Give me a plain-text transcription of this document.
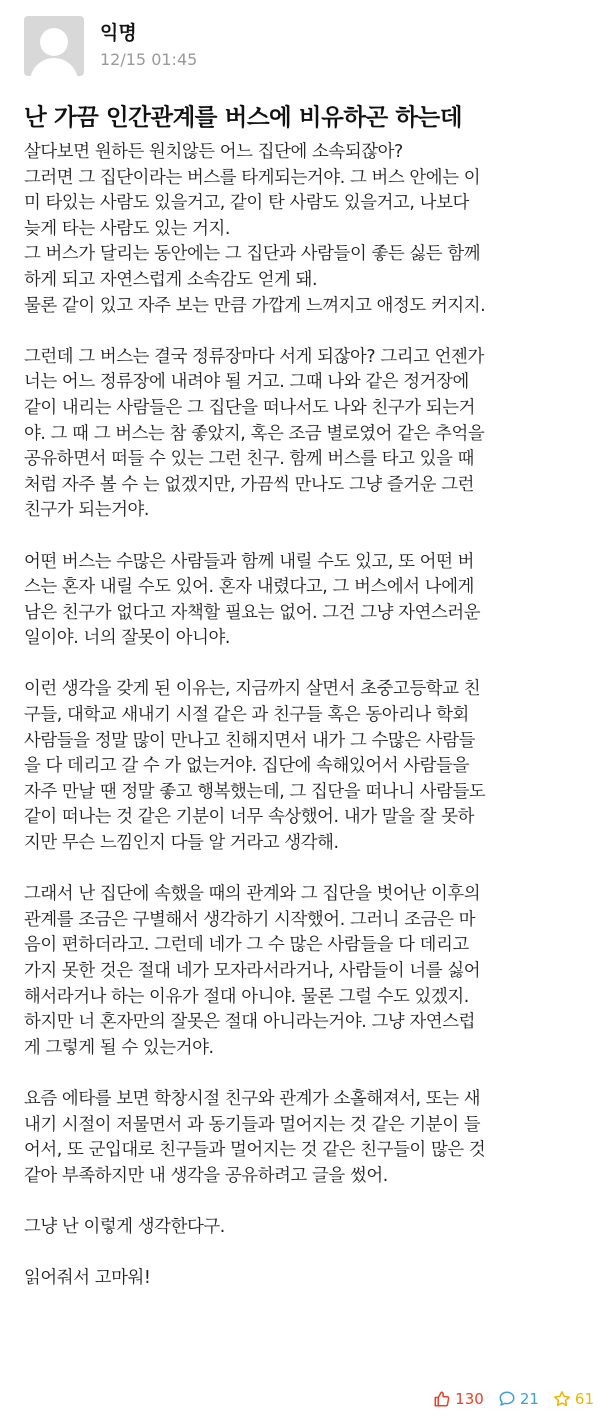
익명
12/15 01:45
난 가끔 인간관계를 버스에 비유하곤 하는데
살다보면 원하든 원치않든 어느 집단에 소속되잖아?
그러면 그 집단이라는 버스를 타게되는거야. 그 버스 안에는 이
미 타있는 사람도 있을거고, 같이 탄 사람도 있을거고, 나보다
늦게 타는 사람도 있는 거지.
그 버스가 달리는 동안에는 그 집단과 사람들이 좋든 싫든 함께
하게 되고 자연스럽게 소속감도 얻게 돼.
물론 같이 있고 자주 보는 만큼 가깝게 느껴지고 애정도 커지지.
그런데 그 버스는 결국 정류장마다 서게 되잖아? 그리고 언젠가
너는 어느 정류장에 내려야 될 거고. 그때 나와 같은 정거장에
같이 내리는 사람들은 그 집단을 떠나서도 나와 친구가 되는거
야. 그 때 그 버스는 참 좋았지, 혹은 조금 별로였어 같은 추억을
공유하면서 떠들 수 있는 그런 친구. 함께 버스를 타고 있을 때
처럼 자주 볼 수 는 없겠지만, 가끔씩 만나도 그냥 즐거운 그런
친구가 되는거야.
어떤 버스는 수많은 사람들과 함께 내릴 수도 있고, 또 어떤 버
스는 혼자 내릴 수도 있어. 혼자 내렸다고, 그 버스에서 나에게
남은 친구가 없다고 자책할 필요는 없어. 그건 그냥 자연스러운
일이야. 너의 잘못이 아니야.
이런 생각을 갖게 된 이유는, 지금까지 살면서 초중고등학교 친
구들, 대학교 새내기 시절 같은 과 친구들 혹은 동아리나 학회
사람들을 정말 많이 만나고 친해지면서 내가 그 수많은 사람들
을 다 데리고 갈 수 가 없는거야. 집단에 속해있어서 사람들을
자주 만날 땐 정말 좋고 행복했는데, 그 집단을 떠나니 사람들도
같이 떠나는 것 같은 기분이 너무 속상했어. 내가 말을 잘 못하
지만 무슨 느낌인지 다들 알 거라고 생각해.
그래서 난 집단에 속했을 때의 관계와 그 집단을 벗어난 이후의
관계를 조금은 구별해서 생각하기 시작했어. 그러니 조금은 마
음이 편하더라고. 그런데 네가 그 수 많은 사람들을 다 데리고
가지 못한 것은 절대 네가 모자라서라거나, 사람들이 너를 싫어
해서라거나 하는 이유가 절대 아니야. 물론 그럴 수도 있겠지.
하지만 너 혼자만의 잘못은 절대 아니라는거야. 그냥 자연스럽
게 그렇게 될 수 있는거야.
요즘 에타를 보면 학창시절 친구와 관계가 소홀해져서, 또는 새
내기 시절이 저물면서 과 동기들과 멀어지는 것 같은 기분이 들
어서, 또 군입대로 친구들과 멀어지는 것 같은 친구들이 많은 것
같아 부족하지만 내 생각을 공유하려고 글을 썼어.
그냥 난 이렇게 생각한다구.
읽어줘서 고마워!
130 21 61
